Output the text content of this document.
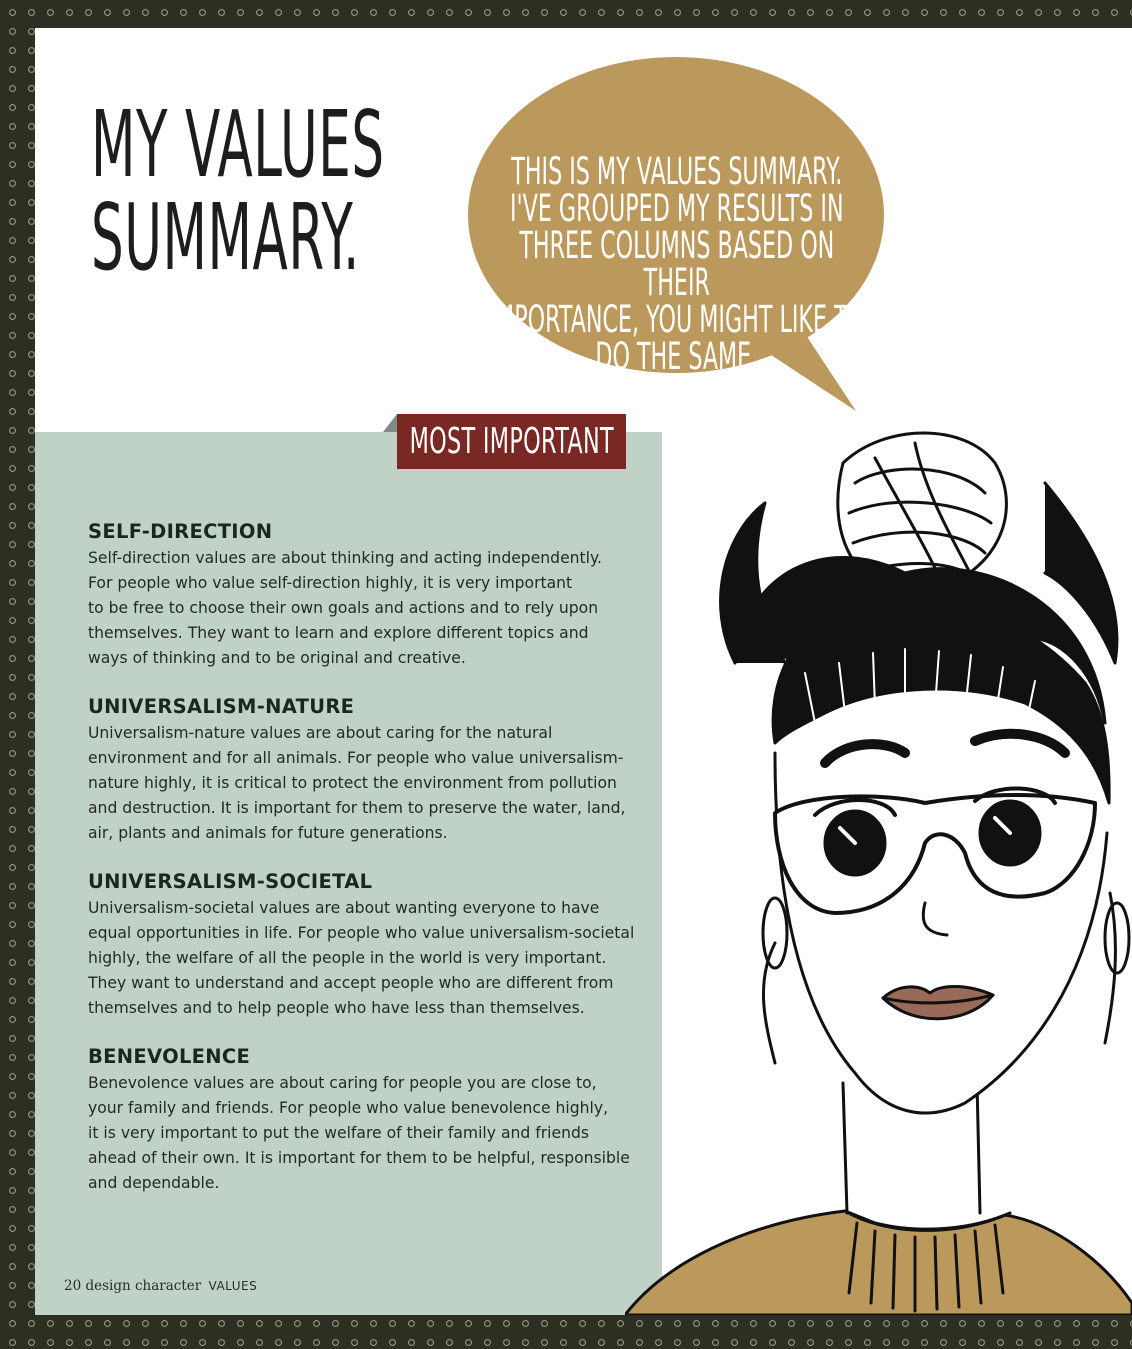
MY VALUES
SUMMARY.
THIS IS MY VALUES SUMMARY.
I'VE GROUPED MY RESULTS IN
THREE COLUMNS BASED ON THEIR
IMPORTANCE, YOU MIGHT LIKE TO
DO THE SAME.
MOST IMPORTANT
SELF-DIRECTION

Self-direction values are about thinking and acting independently.
For people who value self-direction highly, it is very important
to be free to choose their own goals and actions and to rely upon
themselves. They want to learn and explore different topics and
ways of thinking and to be original and creative.

UNIVERSALISM-NATURE

Universalism-nature values are about caring for the natural
environment and for all animals. For people who value universalism-
nature highly, it is critical to protect the environment from pollution
and destruction. It is important for them to preserve the water, land,
air, plants and animals for future generations.

UNIVERSALISM-SOCIETAL

Universalism-societal values are about wanting everyone to have
equal opportunities in life. For people who value universalism-societal
highly, the welfare of all the people in the world is very important.
They want to understand and accept people who are different from
themselves and to help people who have less than themselves.

BENEVOLENCE

Benevolence values are about caring for people you are close to,
your family and friends. For people who value benevolence highly,
it is very important to put the welfare of their family and friends
ahead of their own. It is important for them to be helpful, responsible
and dependable.

20 design character VALUES
